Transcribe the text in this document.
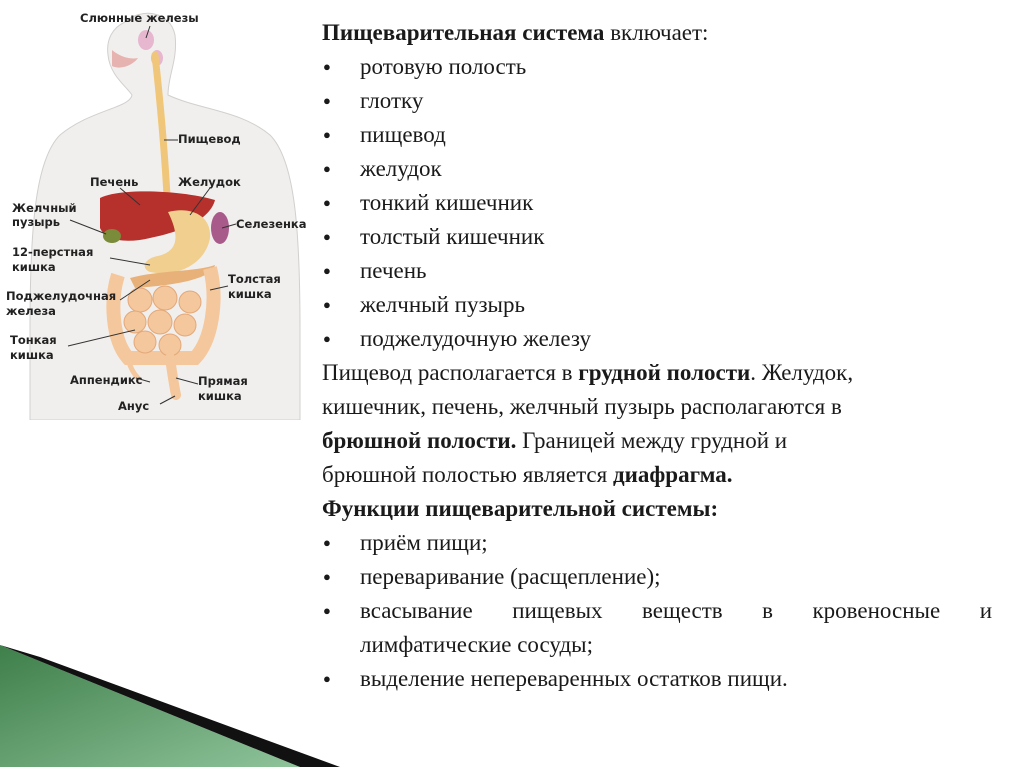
Слюнные железы
Пищевод
Печень	Желудок
Желчный
пузырь	Селезенка
12-перстная
кишка
Толстая
кишка
Поджелудочная
железа
Тонкая
кишка
Аппендикс	Прямая
кишка
Анус
Пищеварительная система включает:
● ротовую полость
● глотку
● пищевод
● желудок
● тонкий кишечник
● толстый кишечник
● печень
● желчный пузырь
● поджелудочную железу
Пищевод располагается в грудной полости. Желудок,
кишечник, печень, желчный пузырь располагаются в
брюшной полости. Границей между грудной и
брюшной полостью является диафрагма.
Функции пищеварительной системы:
● приём пищи;
● переваривание (расщепление);
● всасывание пищевых веществ в кровеносные и
лимфатические сосуды;
● выделение непереваренных остатков пищи.
